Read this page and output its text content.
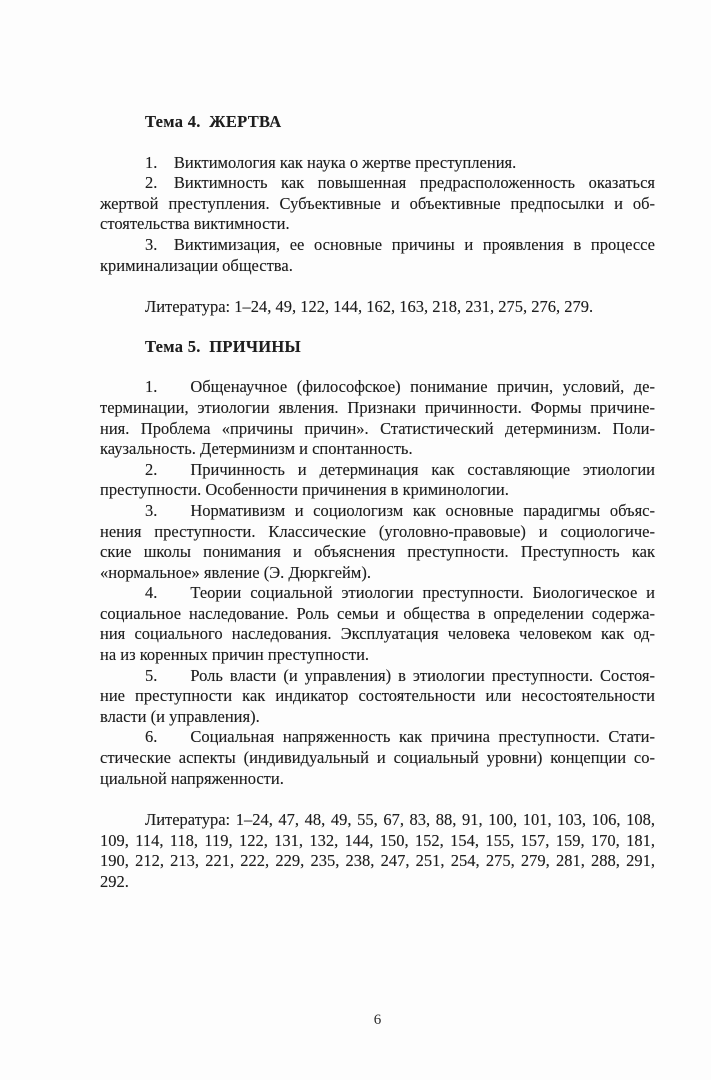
Тема 4. ЖЕРТВА
1. Виктимология как наука о жертве преступления.
2. Виктимность как повышенная предрасположенность оказаться
жертвой преступления. Субъективные и объективные предпосылки и об-
стоятельства виктимности.
3. Виктимизация, ее основные причины и проявления в процессе
криминализации общества.
Литература: 1–24, 49, 122, 144, 162, 163, 218, 231, 275, 276, 279.
Тема 5. ПРИЧИНЫ
1.  Общенаучное (философское) понимание причин, условий, де-
терминации, этиологии явления. Признаки причинности. Формы причине-
ния. Проблема «причины причин». Статистический детерминизм. Поли-
каузальность. Детерминизм и спонтанность.
2.  Причинность и детерминация как составляющие этиологии
преступности. Особенности причинения в криминологии.
3.  Нормативизм и социологизм как основные парадигмы объяс-
нения преступности. Классические (уголовно-правовые) и социологиче-
ские школы понимания и объяснения преступности. Преступность как
«нормальное» явление (Э. Дюркгейм).
4.  Теории социальной этиологии преступности. Биологическое и
социальное наследование. Роль семьи и общества в определении содержа-
ния социального наследования. Эксплуатация человека человеком как од-
на из коренных причин преступности.
5.  Роль власти (и управления) в этиологии преступности. Состоя-
ние преступности как индикатор состоятельности или несостоятельности
власти (и управления).
6.  Социальная напряженность как причина преступности. Стати-
стические аспекты (индивидуальный и социальный уровни) концепции со-
циальной напряженности.
Литература: 1–24, 47, 48, 49, 55, 67, 83, 88, 91, 100, 101, 103, 106, 108,
109, 114, 118, 119, 122, 131, 132, 144, 150, 152, 154, 155, 157, 159, 170, 181,
190, 212, 213, 221, 222, 229, 235, 238, 247, 251, 254, 275, 279, 281, 288, 291,
292.
6
